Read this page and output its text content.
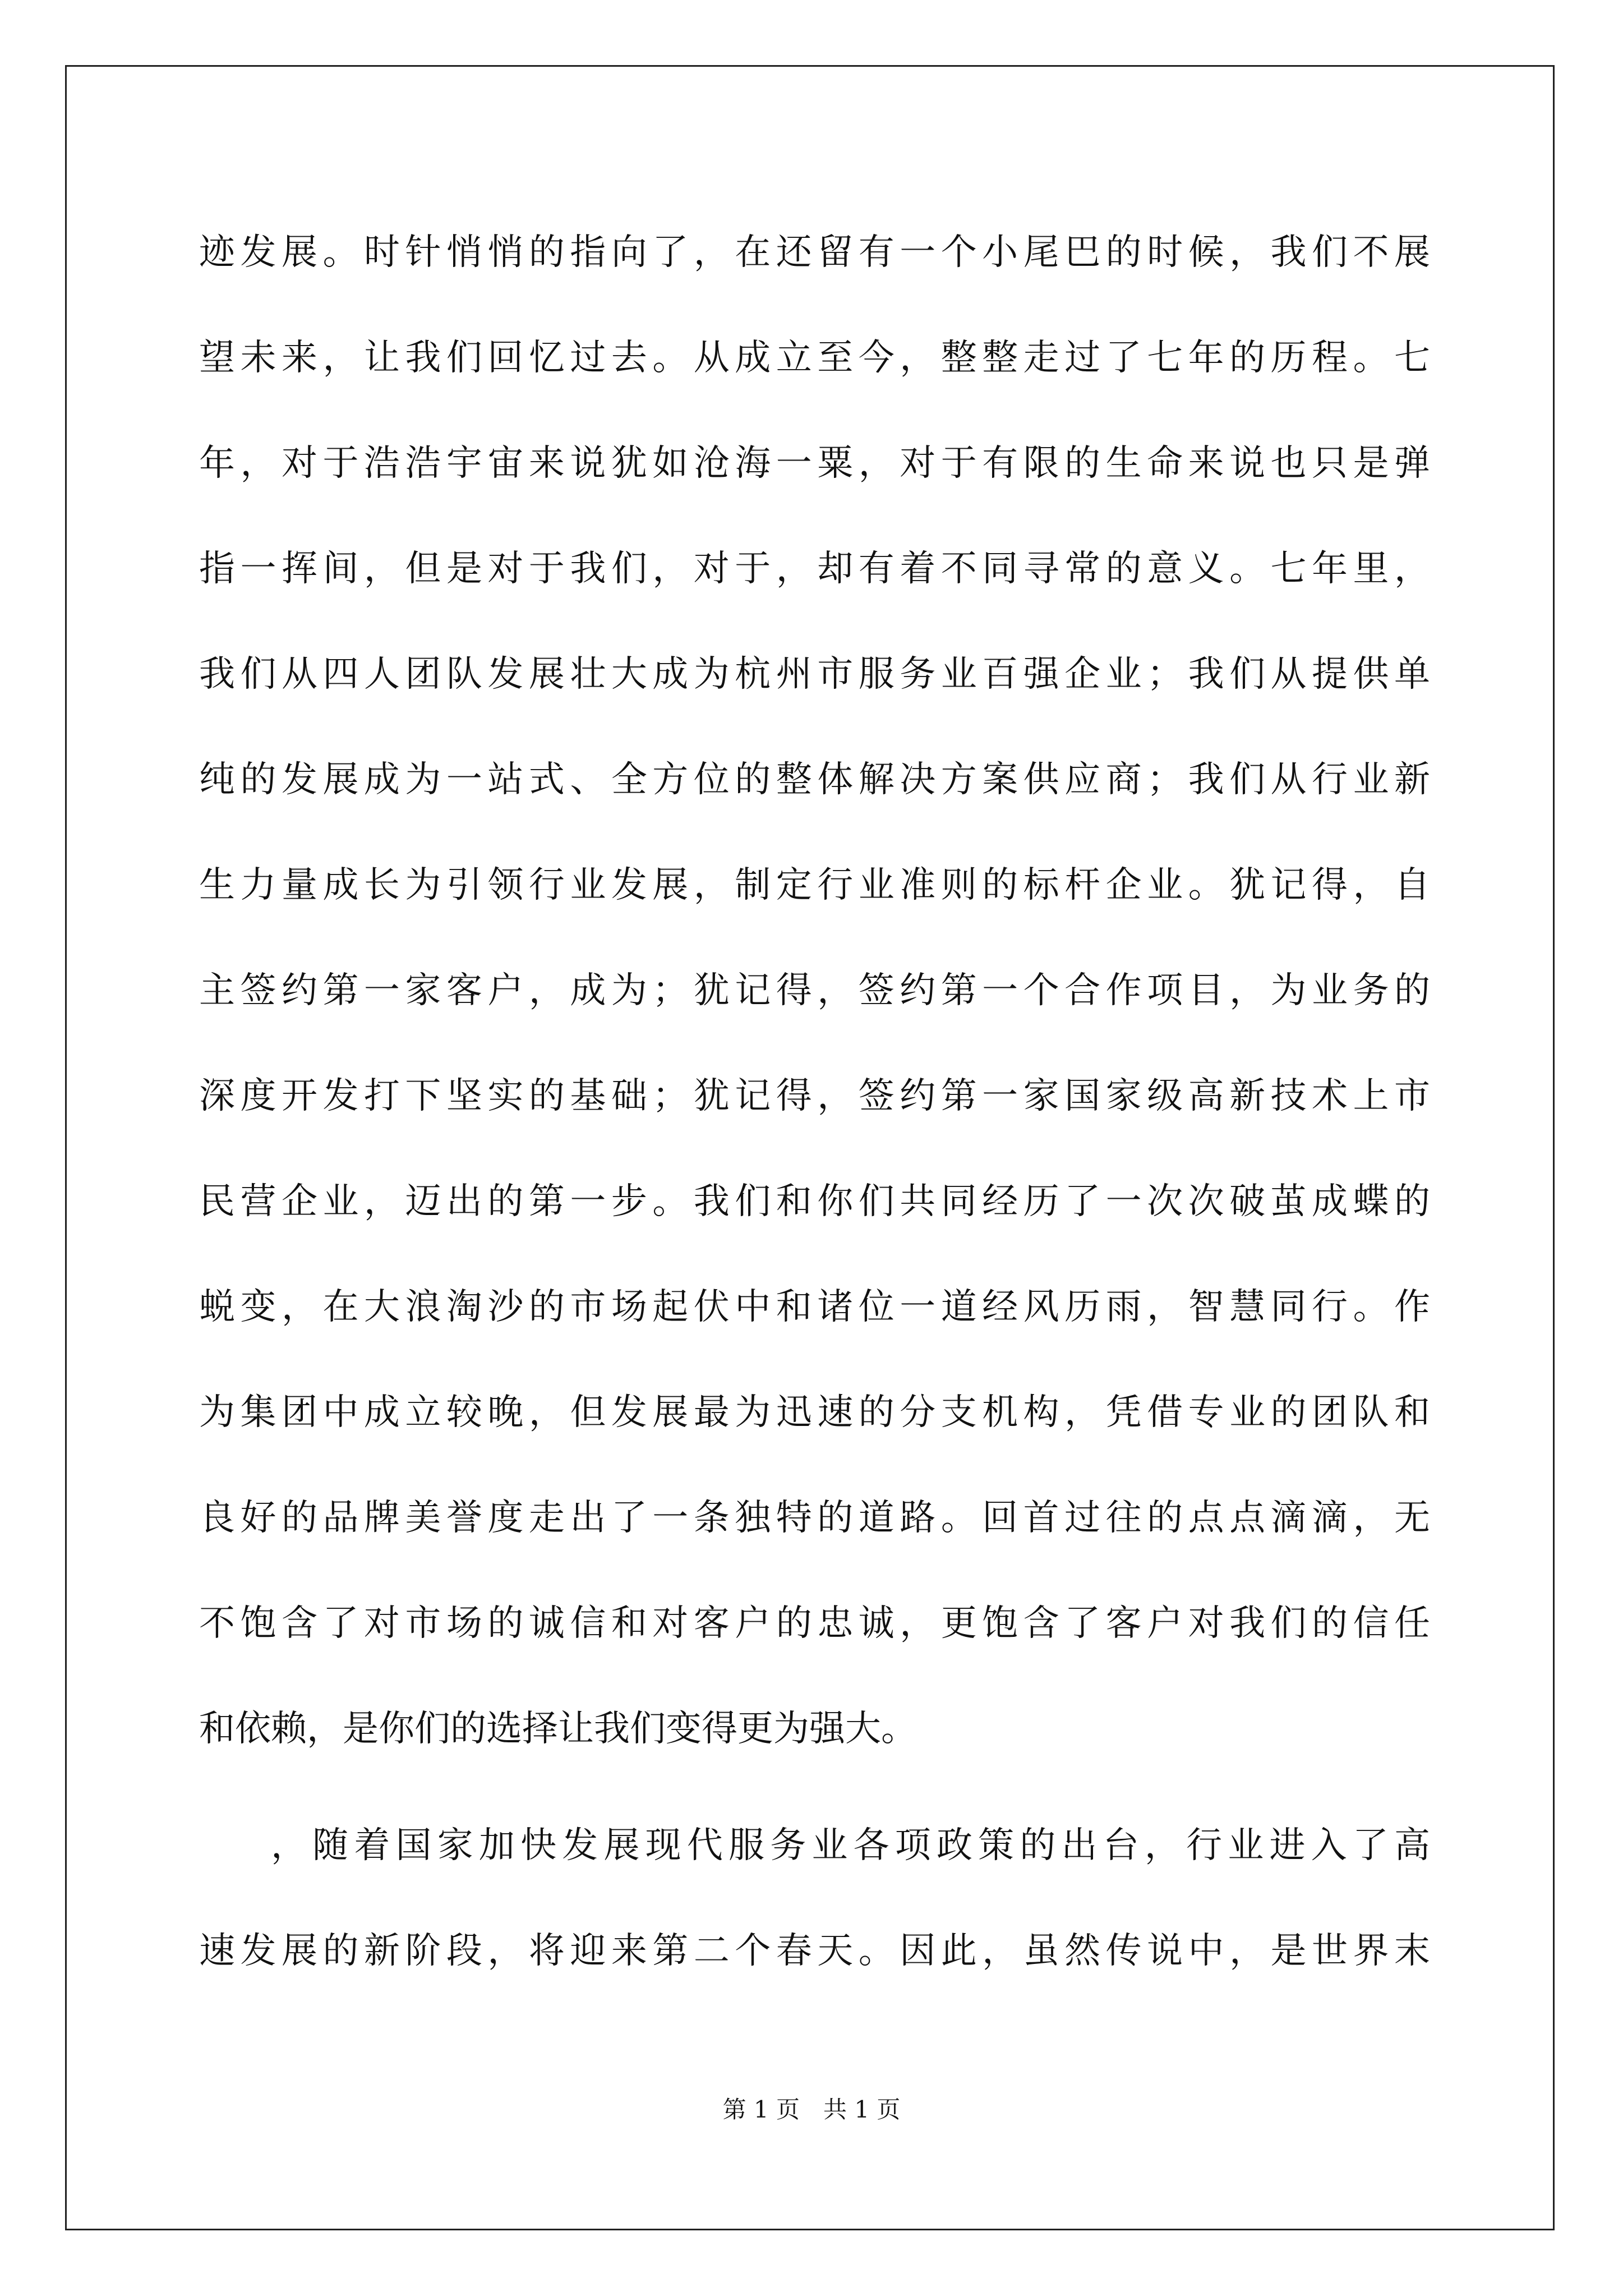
迹发展。时针悄悄的指向了，在还留有一个小尾巴的时候，我们不展
望未来，让我们回忆过去。从成立至今，整整走过了七年的历程。七
年，对于浩浩宇宙来说犹如沧海一粟，对于有限的生命来说也只是弹
指一挥间，但是对于我们，对于，却有着不同寻常的意义。七年里，
我们从四人团队发展壮大成为杭州市服务业百强企业；我们从提供单
纯的发展成为一站式、全方位的整体解决方案供应商；我们从行业新
生力量成长为引领行业发展，制定行业准则的标杆企业。犹记得，自
主签约第一家客户，成为；犹记得，签约第一个合作项目，为业务的
深度开发打下坚实的基础；犹记得，签约第一家国家级高新技术上市
民营企业，迈出的第一步。我们和你们共同经历了一次次破茧成蝶的
蜕变，在大浪淘沙的市场起伏中和诸位一道经风历雨，智慧同行。作
为集团中成立较晚，但发展最为迅速的分支机构，凭借专业的团队和
良好的品牌美誉度走出了一条独特的道路。回首过往的点点滴滴，无
不饱含了对市场的诚信和对客户的忠诚，更饱含了客户对我们的信任
和依赖，是你们的选择让我们变得更为强大。
，随着国家加快发展现代服务业各项政策的出台，行业进入了高
速发展的新阶段，将迎来第二个春天。因此，虽然传说中，是世界末
第 1 页 共 1 页
